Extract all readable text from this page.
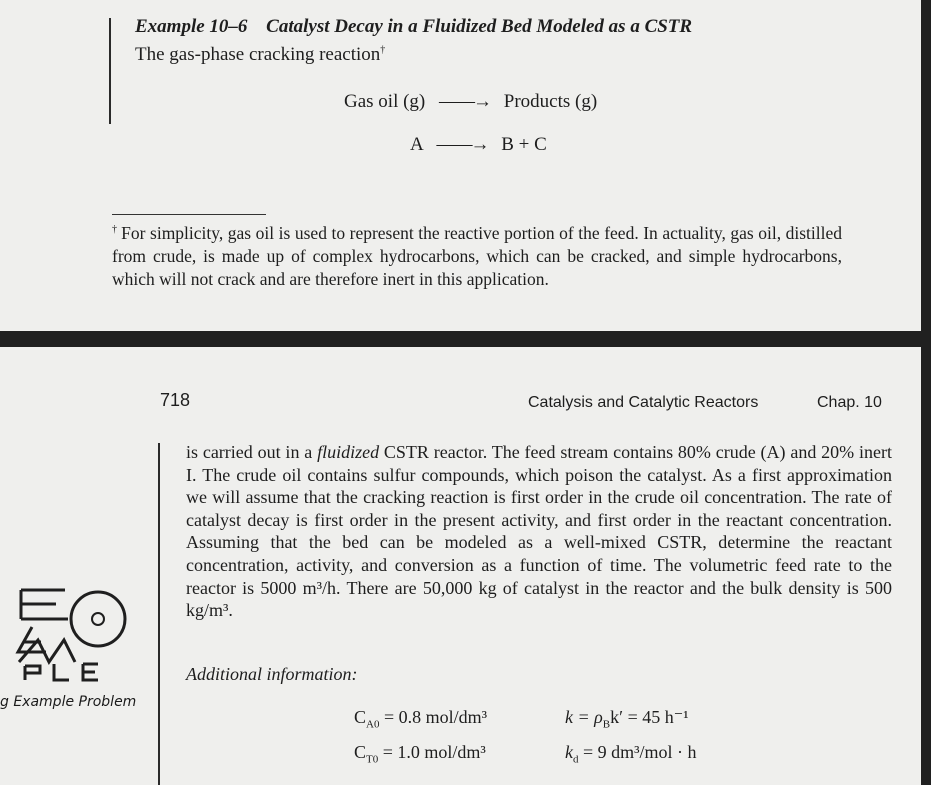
Example 10–6 Catalyst Decay in a Fluidized Bed Modeled as a CSTR
The gas-phase cracking reaction†
Gas oil (g) ——→ Products (g)
A ——→ B + C
† For simplicity, gas oil is used to represent the reactive portion of the feed. In actuality, gas oil, distilled from crude, is made up of complex hydrocarbons, which can be cracked, and simple hydrocarbons, which will not crack and are therefore inert in this application.
718	Catalysis and Catalytic Reactors	Chap. 10
is carried out in a fluidized CSTR reactor. The feed stream contains 80% crude (A) and 20% inert I. The crude oil contains sulfur compounds, which poison the catalyst. As a first approximation we will assume that the cracking reaction is first order in the crude oil concentration. The rate of catalyst decay is first order in the present activity, and first order in the reactant concentration. Assuming that the bed can be modeled as a well-mixed CSTR, determine the reactant concentration, activity, and conversion as a function of time. The volumetric feed rate to the reactor is 5000 m³/h. There are 50,000 kg of catalyst in the reactor and the bulk density is 500 kg/m³.
Additional information:
$C_{A0} = 0.8$ mol/dm³
$C_{T0} = 1.0$ mol/dm³
$k = \rho_Bk' = 45$ h⁻¹
$k_d = 9$ dm³/mol · h
g Example Problem
